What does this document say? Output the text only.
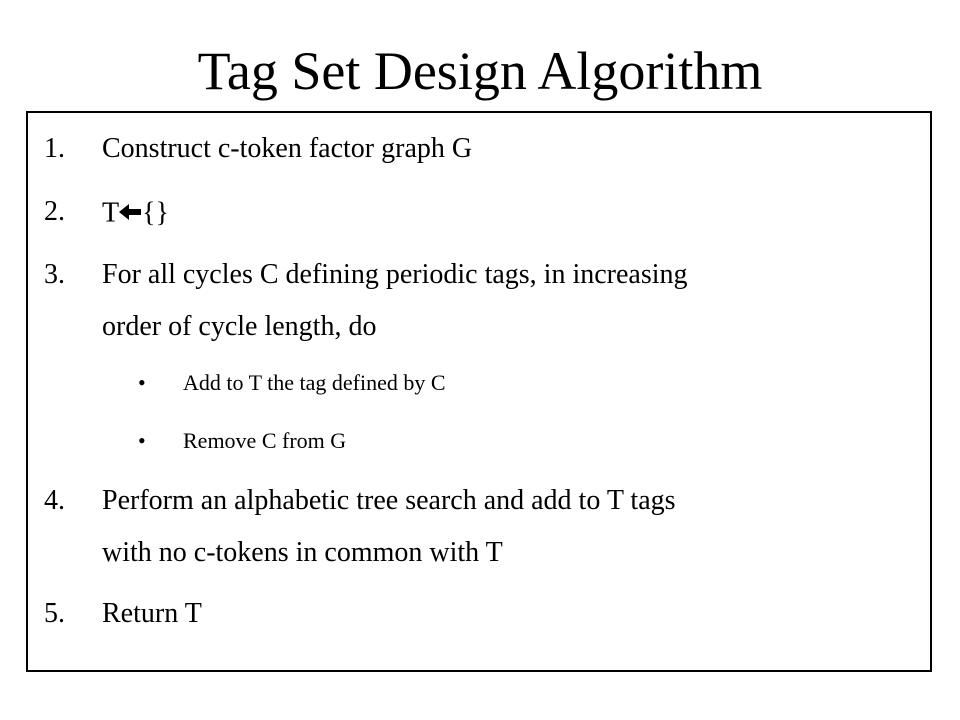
Tag Set Design Algorithm
1. Construct c-token factor graph G
2. T {}
3. For all cycles C defining periodic tags, in increasing
order of cycle length, do
• Add to T the tag defined by C
• Remove C from G
4. Perform an alphabetic tree search and add to T tags
with no c-tokens in common with T
5. Return T
